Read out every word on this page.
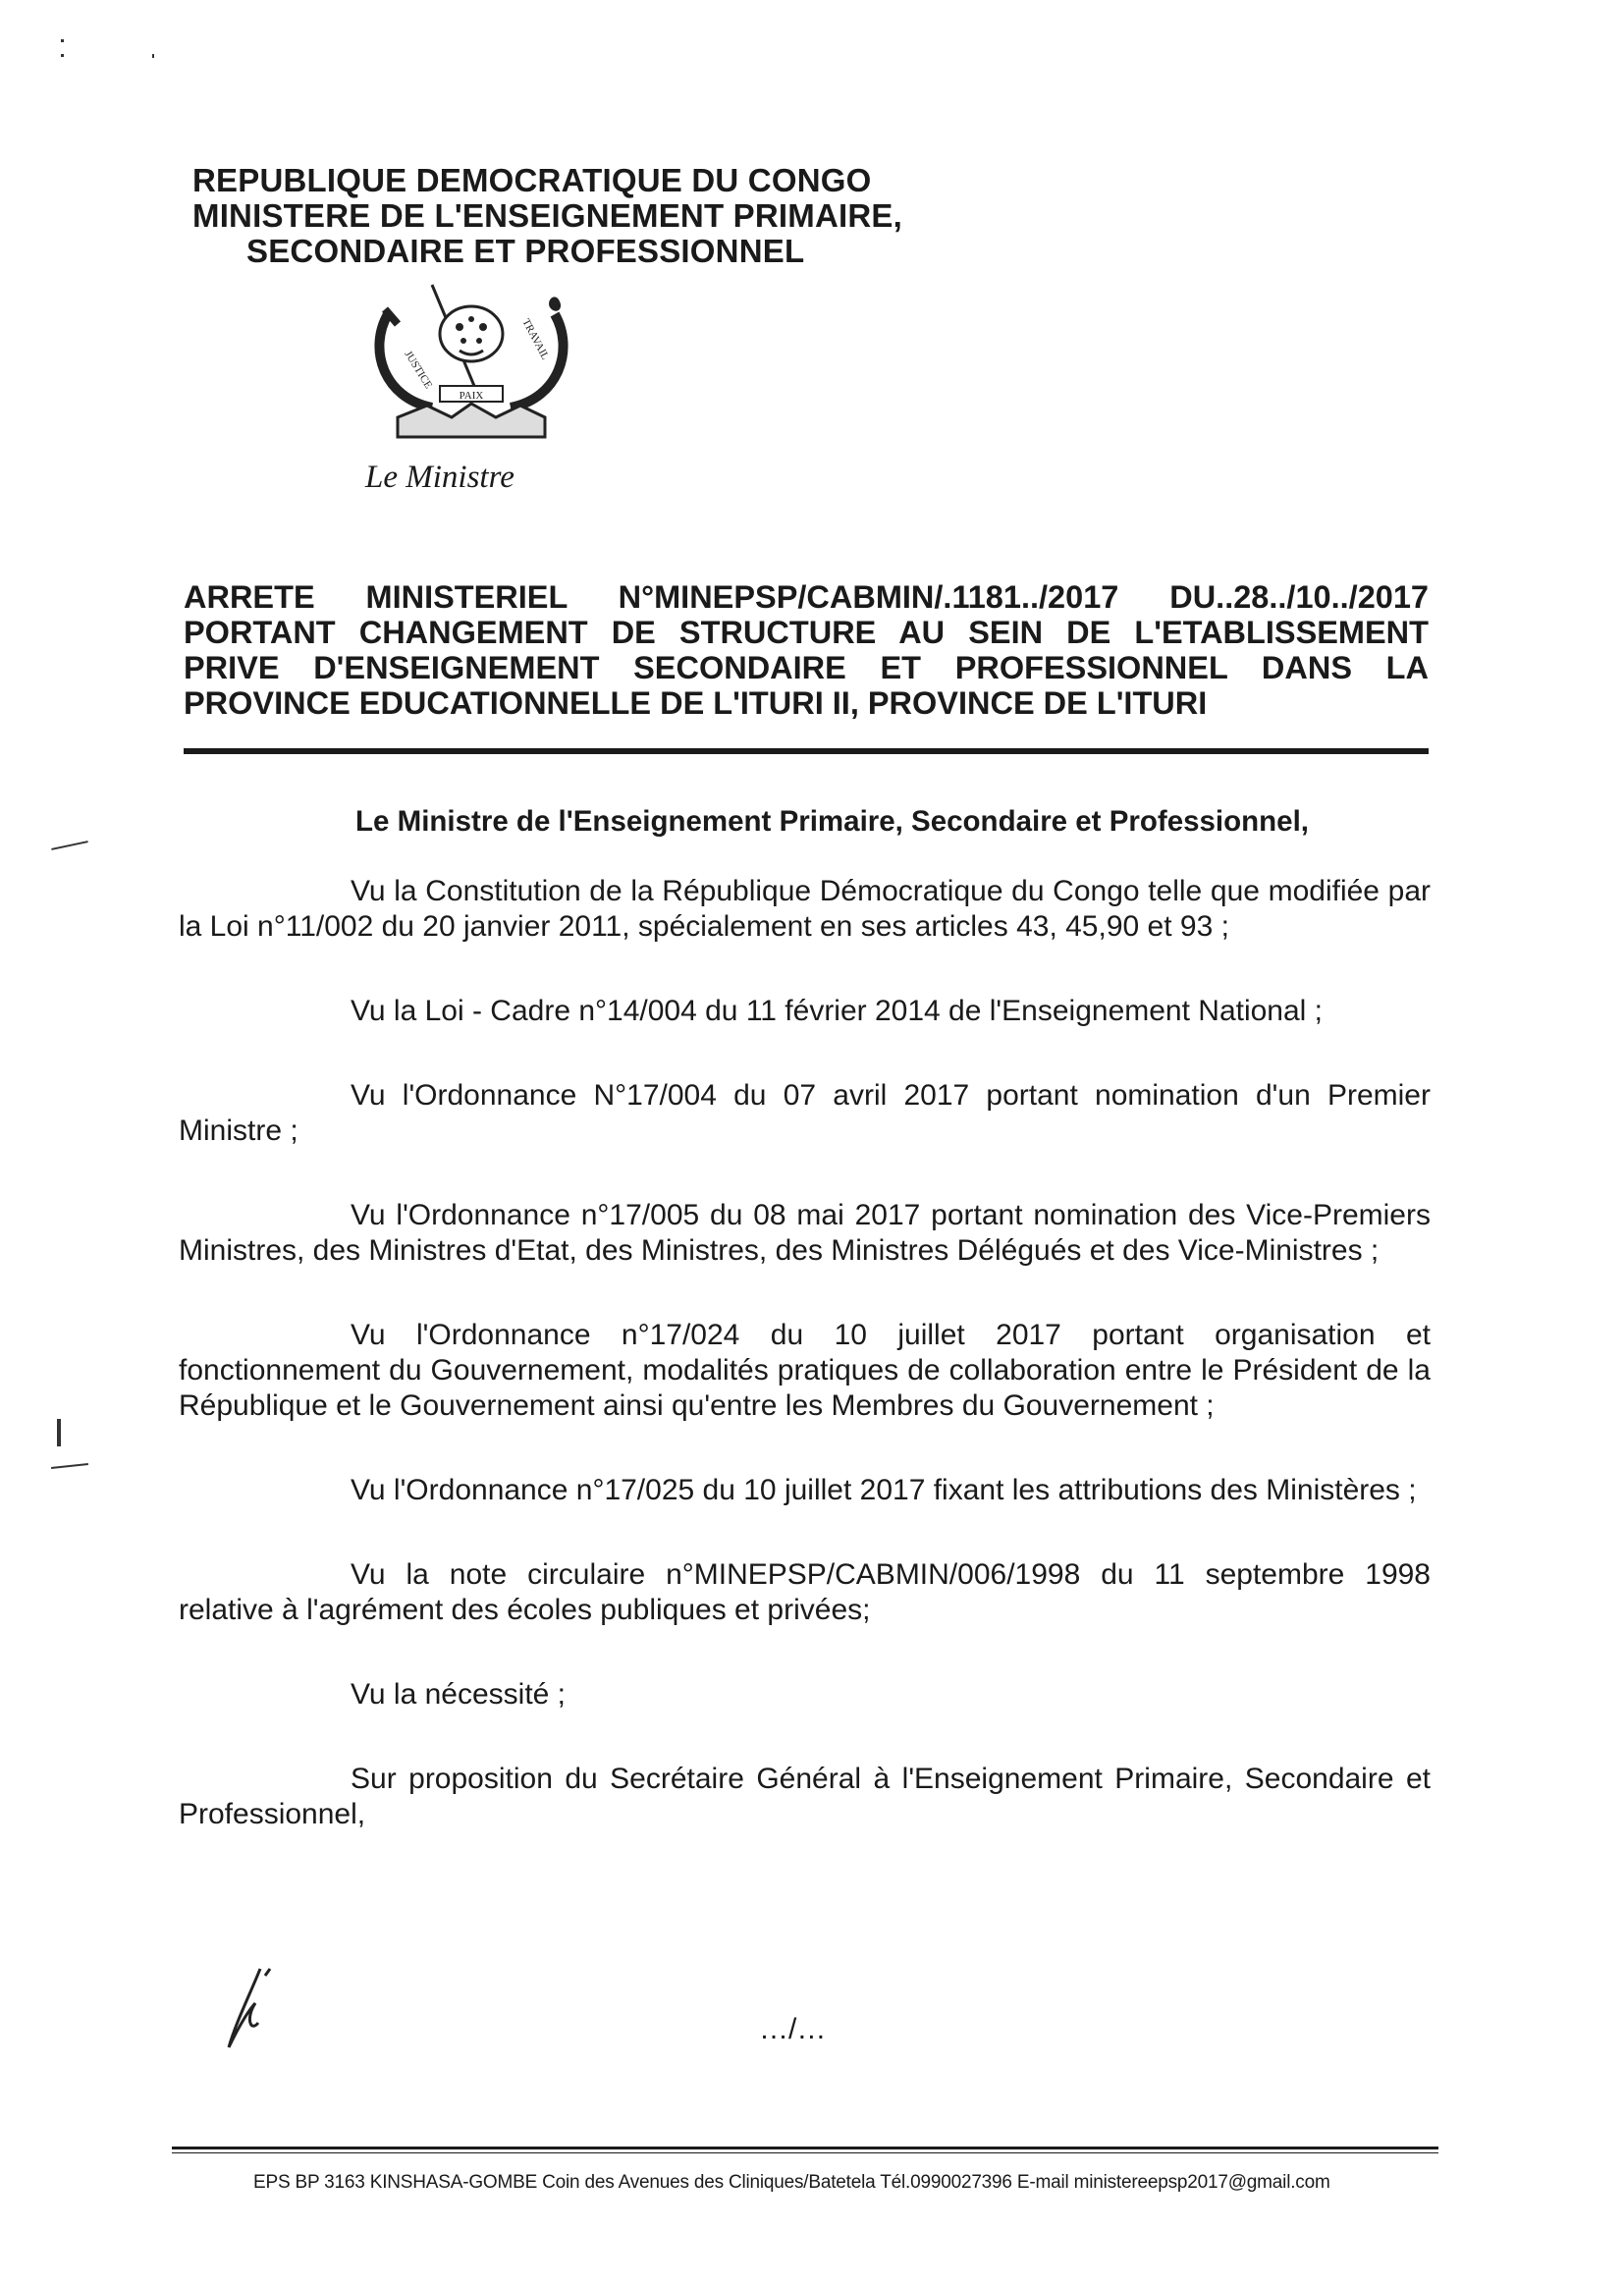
REPUBLIQUE DEMOCRATIQUE DU CONGO
MINISTERE DE L'ENSEIGNEMENT PRIMAIRE,
SECONDAIRE ET PROFESSIONNEL
JUSTICE
TRAVAIL
PAIX
Le Ministre
ARRETE MINISTERIEL N°MINEPSP/CABMIN/.1181../2017 DU..28../10../2017
PORTANT CHANGEMENT DE STRUCTURE AU SEIN DE L'ETABLISSEMENT
PRIVE D'ENSEIGNEMENT SECONDAIRE ET PROFESSIONNEL DANS LA
PROVINCE EDUCATIONNELLE DE L'ITURI II, PROVINCE DE L'ITURI
Le Ministre de l'Enseignement Primaire, Secondaire et Professionnel,

Vu la Constitution de la République Démocratique du Congo telle que modifiée par la Loi n°11/002 du 20 janvier 2011, spécialement en ses articles 43, 45,90 et 93 ;

Vu la Loi - Cadre n°14/004 du 11 février 2014 de l'Enseignement National ;

Vu l'Ordonnance N°17/004 du 07 avril 2017 portant nomination d'un Premier Ministre ;

Vu l'Ordonnance n°17/005 du 08 mai 2017 portant nomination des Vice-Premiers Ministres, des Ministres d'Etat, des Ministres, des Ministres Délégués et des Vice-Ministres ;

Vu l'Ordonnance n°17/024 du 10 juillet 2017 portant organisation et fonctionnement du Gouvernement, modalités pratiques de collaboration entre le Président de la République et le Gouvernement ainsi qu'entre les Membres du Gouvernement ;

Vu l'Ordonnance n°17/025 du 10 juillet 2017 fixant les attributions des Ministères ;

Vu la note circulaire n°MINEPSP/CABMIN/006/1998 du 11 septembre 1998 relative à l'agrément des écoles publiques et privées;

Vu la nécessité ;

Sur proposition du Secrétaire Général à l'Enseignement Primaire, Secondaire et Professionnel,

…/…
EPS BP 3163 KINSHASA-GOMBE Coin des Avenues des Cliniques/Batetela Tél.0990027396 E-mail ministereepsp2017@gmail.com
